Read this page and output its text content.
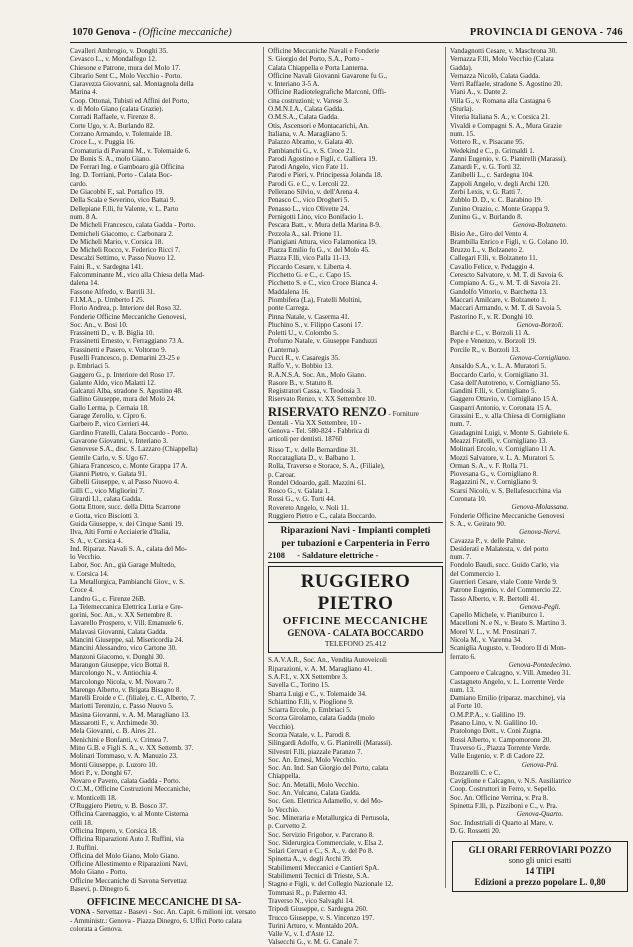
1070 Genova - (Officine meccaniche)	PROVINCIA DI GENOVA - 746
Cavalleri Ambrogio, v. Donghi 35.
Cevasco L., v. Mondalfego 12.
Chiesone e Patrone, mura del Molo 17.
Cibrario Sent C., Molo Vecchio - Porto.
Ciaravezza Giovanni, sal. Montagnola della
Marina 4.
Coop. Ottonai, Tubisti ed Affini del Porto,
v. di Molo Giano (calata Grazie).
Corradi Raffaele, v. Firenze 8.
Corte Ugo, v. A. Burlando 82.
Corzano Armando, v. Tolemaide 18.
Croce L., v. Puggia 16.
Cromaturia di Pavanni M., v. Tolemaide 6.
De Bonis S. A., molo Giano.
De Ferrari Ing. e Gamboaro già Officina
Ing. D. Torriani, Porto - Calata Boc-
cardo.
De Giacobbi F., sal. Portafico 19.
Della Scala e Severino, vico Battai 9.
Dellepiane F.lli, fu Valente, v. L. Parto
num. 8 A.
De Micheli Francesco, calata Gadda - Porto.
Demicheli Giacomo, c. Carbonara 2.
De Micheli Mario, v. Corsica 18.
De Micheli Rocco, v. Federico Ricci 7.
Descalzi Settimo, v. Passo Nuovo 12.
Faini R., v. Sardegna 141.
Falcomminante M., vico alla Chiesa della Mad-
dalena 14.
Fassone Alfredo, v. Barrili 31.
F.I.M.A., p. Umberto I 25.
Florio Andrea, p. Interiore del Roso 32.
Fonderie Officine Meccaniche Genovesi,
Soc. An., v. Bosi 10.
Frassinetti D., v. B. Biglia 10.
Frassinetti Ernesto, v. Ferraggiano 73 A.
Frassinetti e Pasero, v. Voltorno 9.
Fuselli Francesco, p. Demarini 23-25 e
p. Embriaci 5.
Gaggero G., p. Interiore del Roso 17.
Galante Aldo, vico Malatti 12.
Galcanzi Alba, stradone S. Agostino 48.
Gallino Giuseppe, mura del Molo 24.
Gallo Lerma, p. Cernaia 18.
Garage Zerollo, v. Cipro 6.
Garbero P., vico Cerrieri 44.
Gardino Fratelli, Calata Boccardo - Porto.
Gavarone Giovanni, v. Interiano 3.
Genovese S.A., disc. S. Lazzaro (Chiappella)
Gentile Carlo, v. S. Ugo 67.
Ghiara Francesco, c. Monte Grappa 17 A.
Gianni Pietro, v. Galata 91.
Gibelli Giuseppe, v. al Passo Nuovo 4.
Gilli C., vico Migliorini 7.
Girardi Ll., calata Gadda.
Gotta Ettore, succ. della Ditta Scarrone
e Gotta, vico Bisciotti 3.
Guida Giuseppe, v. dei Cinque Santi 19.
Ilva, Alti Forni e Acciaierie d'Italia,
S. A., v. Corsica 4.
Ind. Riparaz. Navali S. A., calata del Mo-
lo Vecchio.
Labor, Soc. An., già Garage Multedo,
v. Corsica 14.
La Metallurgica, Pambianchi Giov., v. S.
Croce 4.
Landro G., c. Firenze 26B.
La Telemeccanica Elettrica Luria e Gre-
gorini, Soc. An., v. XX Settembre 8.
Lavarello Prospero, v. Vill. Emanuele 6.
Malavasi Giovanni, Calata Gadda.
Mancini Giuseppe, sal. Misericordia 24.
Mancini Alessandro, vico Cartone 30.
Manzoni Giacomo, v. Donghi 30.
Marangon Giuseppe, vico Bottai 8.
Marcolongo N., v. Antiochia 4.
Marcolongo Nicola, v. M. Novaro 7.
Marengo Alberto, v. Brigata Bisagno 8.
Marelli Eroide e C. (filiale), c. C. Alberto, 7.
Mariotti Terenzio, c. Passo Nuovo 5.
Masina Giovanni, v. A. M. Maragliano 13.
Massarotti F., v. Archimede 30.
Mela Giovanni, c. B. Aires 21.
Menichini e Bonfanti, v. Crimea 7.
Mino G.B. e Figli S. A., v. XX Settemb. 37.
Molinari Tommaso, v. A. Manuzio 23.
Monti Giuseppe, p. Luzoro 10.
Mori P., v. Donghi 67.
Novaro e Pavero, calata Gadda - Porto.
O.C.M., Officine Costruzioni Meccaniche,
v. Monticelli 18.
O'Ruggiero Pietro, v. B. Bosco 37.
Officina Carenaggio, v. al Monte Cisterna
celli 18.
Officina Impero, v. Corsica 18.
Officina Riparazioni Auto J. Ruffini, via
J. Ruffini.
Officina del Molo Giano, Molo Giano.
Officine Allestimento e Riparazioni Navi,
Molo Giano - Porto.
Officine Meccaniche di Savona Servettaz
Basevi, p. Dinegro 6.
OFFICINE MECCANICHE DI SA-
VONA - Servettaz - Basevi - Soc. An. Capit. 6 milioni int. versato - Amministr.: Genova - Piazza Dinegro, 6. Uffici Porto calata colorata a Genova.
Officine Meccaniche Navali e Fonderie
S. Giorgio del Porto, S.A., Porto -
Calata Chiappella e Porta Lanterna.
Officine Navali Giovanni Gavarone fu G.,
v. Interiano 3-5 A.
Officine Radiotelegrafiche Marconi, Offi-
cina costruzioni; v. Varese 3.
O.M.N.I.A., Calata Gadda.
O.M.S.A., Calata Gadda.
Otis, Ascensori e Montacarichi, An.
Italiana, v. A. Maragliano 5.
Palazzo Abramo, v. Galata 40.
Pambianchi G., v. S. Croce 21.
Parodi Agostino e Figli, c. Galliera 19.
Parodi Angelo, vico Fate 11.
Parodi e Pieri, v. Principessa Jolanda 18.
Parodi G. e C., v. Lercoli 22.
Pellerano Silvio, v. dell'Arena 4.
Penasco C., vico Drogheri 5.
Penasso L., vico Olivette 24.
Pernigotti Lino, vico Bonifacio 1.
Pescara Batt., v. Mura della Marina 8-9.
Pezzola A., sal. Prione 11.
Pianigiani Attura, vico Falamonica 19.
Piazza Emilio fu G., v. del Molo 45.
Piazza F.lli, vico Palla 11-13.
Piccardo Cesare, v. Liberta 4.
Picchetto G. e C., c. Capo 15.
Picchetto S. e C., vico Croce Bianca 4.
Maddalena 16.
Piombifera (La), Fratelli Moltini,
ponte Carrega.
Pinna Natale, v. Caserma 41.
Pluchino S., v. Filippo Casoni 17.
Poletti U., v. Colombo 5.
Profumo Natale, v. Giuseppe Fanduzzi
(Lanterna).
Pucci R., v. Casaregis 35.
Raffo V., v. Bobbio 13.
R.A.N.S.A. Soc. An., Molo Giano.
Rasore B., v. Statuto 8.
Registratori Cassa, v. Teodosia 3.
Riservato Renzo, v. XX Settembre 10.
RISERVATO RENZO - Forniture
Dentali - Via XX Settembre, 10 -
Genova - Tel. 580-824 - Fabbrica di
articoli per dentisti. 18760
Risso T., v. delle Bernardine 31.
Roccatagliata D., v. Balbano 1.
Rolla, Traverso e Storace, S. A., (Filiale),
p. Caroar.
Rondel Odoardo, gall. Mazzini 61.
Rosco G., v. Galata 1.
Rossi G., v. G. Torti 44.
Rovereto Angelo, v. Noli 11.
Ruggiero Pietro e C., calata Boccardo.
Riparazioni Navi - Impianti completi
per tubazioni e Carpenteria in Ferro
2108 - Saldature elettriche -
RUGGIERO PIETRO
OFFICINE MECCANICHE
GENOVA - CALATA BOCCARDO
TELEFONO 25.412
S.A.V.A.R., Soc. An., Vendita Autoveicoli
Riparazioni, v. A. M. Maragliano 41.
S.A.F.I., v. XX Settembre 3.
Savella C., Torino 15.
Sbarra Luigi e C., v. Tolemaide 34.
Schiattino F.lli, v. Pioglione 9.
Sciarra Ercole, p. Embriaci 5.
Scorza Girolamo, calata Gadda (molo
Vecchio).
Scorza Natale, v. L. Parodi 8.
Silingardi Adolfo, v. G. Pianirelli (Marassi).
Silvestri F.lli, piazzale Paranzo 7.
Soc. An. Ernesi, Molo Vecchio.
Soc. An. Ind. San Giorgio del Porto, calata
Chiappella.
Soc. An. Metalli, Molo Vecchio.
Soc. An. Vulcano, Calata Gadda.
Soc. Gen. Elettrica Adamello, v. del Mo-
lo Vecchio.
Soc. Mineraria e Metallurgica di Pertusola,
p. Corvetto 2.
Soc. Servizio Frigobor, v. Parcrano 8.
Soc. Siderurgica Commerciale, v. Elsa 2.
Solari Cervari e C., S. A., v. del Po 8.
Spinetta A., v. degli Archi 39.
Stabilimenti Meccanici e Cantieri SpA.
Stabilimenti Tecnici di Trieste, S.A.
Stagno e Figli, v. del Collegio Nazionale 12.
Tommasi R., p. Palermo 43.
Traverso N., vico Salvaghi 14.
Tripodi Giuseppe, c. Sardegna 260.
Trucco Giuseppe, v. S. Vincenzo 197.
Turini Arturo, v. Montaldo 20A.
Valle V., v. I. d'Aste 12.
Valsecchi G., v. M. G. Canale 7.
Vandagnotti Cesare, v. Maschrona 30.
Vernazza F.lli, Molo Vecchio (Calata
Gadda).
Vernazza Nicolò, Calata Gadda.
Verri Raffaele, stradone S. Agostino 20.
Viani A., v. Dante 2.
Villa G., v. Romana alla Castagna 6
(Sturla).
Viteria Italiana S. A., v. Corsica 21.
Vivaldi e Compagni S. A., Mura Grazie
num. 15.
Vottero R., v. Pisacane 95.
Wedekind e C., p. Grimaldi 1.
Zanni Eugenio, v. G. Pianirelli (Marassi).
Zanardi F., v. G. Torti 32.
Zanibelli L., c. Sardegna 104.
Zappoli Angelo, v. degli Archi 120.
Zerbi Lexis, v. G. Ratti 7.
Zubblo D. D., v. C. Barabino 19.
Zunino Orazio, c. Monte Grappa 9.
Zunino G., v. Burlando 8.
Genova-Bolzaneto.
Bisio Ae., Giro del Vento 4.
Brambilla Enrico e Figli, v. G. Colano 10.
Bruzzo L., v. Bolzaneto 2.
Callegari F.lli, v. Bolzaneto 11.
Cavallo Felice, v. Pedaggio 4.
Cerescto Salvatore, v. M. T. di Savoia 6.
Compiano A. G., v. M. T. di Savoia 21.
Gandolfo Vittorio, v. Barchetta 13.
Maccari Amilcare, v. Bolzaneto 1.
Maccari Armando, v. M. T. di Savoia 5.
Pastorino F., v. R. Donghi 10.
Genova-Borzoli.
Barchi e C., v. Borzoli 11 A.
Pepe e Venenzo, v. Borzoli 19.
Porcile R., v. Borzoli 13.
Genova-Cornigliano.
Ansaldo S.A., v. L. A. Muratori 5.
Boccardo Carlo, v. Cornigliano 31.
Casa dell'Autotreno, v. Cornigliano 55.
Gandini F.lli, v. Cornigliano 5.
Gaggero Ottavio, v. Cornigliano 15 A.
Gasparri Antonio, v. Coronata 15 A.
Grassini E., v. alla Chiesa di Cornigliano
num. 7.
Guadagnini Luigi, v. Monte S. Gabriele 6.
Meazzi Fratelli, v. Cornigliano 13.
Molinari Ercolo, v. Cornigliano 11 A.
Mozzi Salvatore, v. L. A. Muratori 5.
Orman S. A., v. F. Rolla 71.
Piovesana G., v. Cornigliano 8.
Ragazzini N., v. Cornigliano 9.
Scarsi Nicolò, v. S. Bellafesucchina via
Coronata 10.
Genova-Molassana.
Fonderie Officine Meccaniche Genovesi
S. A., v. Geirato 90.
Genova-Nervi.
Cavazza P., v. delle Palme.
Desiderati e Malatesta, v. del porto
num. 7.
Fondolo Baudi, succ. Guido Carlo, via
del Commercio 1.
Guerrieri Cesare, viale Conte Verde 9.
Patrone Eugenio, v. del Commercio 22.
Tasso Alberto, v. R. Bertolli 41.
Genova-Pegli.
Capello Michele, v. Pianiburco 1.
Macelloni N. e N., v. Beato S. Martino 3.
Morel V. L., v. M. Prestinari 7.
Nicola M., v. Varenna 34.
Scaniglia Augusto, v. Teodoro II di Mon-
ferrato 6.
Genova-Pontedecimo.
Campoero e Calcagno, v. Vill. Amedeo 31.
Castagneto Angelo, v. L. Lorrente Verde
num. 13.
Damiano Emilio (riparaz. macchine), via
al Forte 10.
O.M.P.P.A., v. Galilino 19.
Pasano Lino, v. N. Galilino 10.
Pratolongo Dott., v. Coni Zugna.
Rossi Alberto, v. Campomorone 20.
Traverso G., Piazza Torrente Verde.
Valle Eugenio, v. P. di Cadore 22.
Genova-Prà.
Bozzarelli C. e C.
Caviglione e Calcagno, v. N.S. Ausiliatrice
Coop. Costruttori in Ferro, v. Sepello.
Soc. An. Officine Verrina, v. Pra 8.
Spinetta F.lli, p. Pizziboni e C., v. Pra.
Genova-Quarto.
Soc. Industriali di Quarto al Mare, v.
D. G. Rossetti 20.
GLI ORARI FERROVIARI POZZO
sono gli unici esatti
14 TIPI
Edizioni a prezzo popolare L. 0,80
